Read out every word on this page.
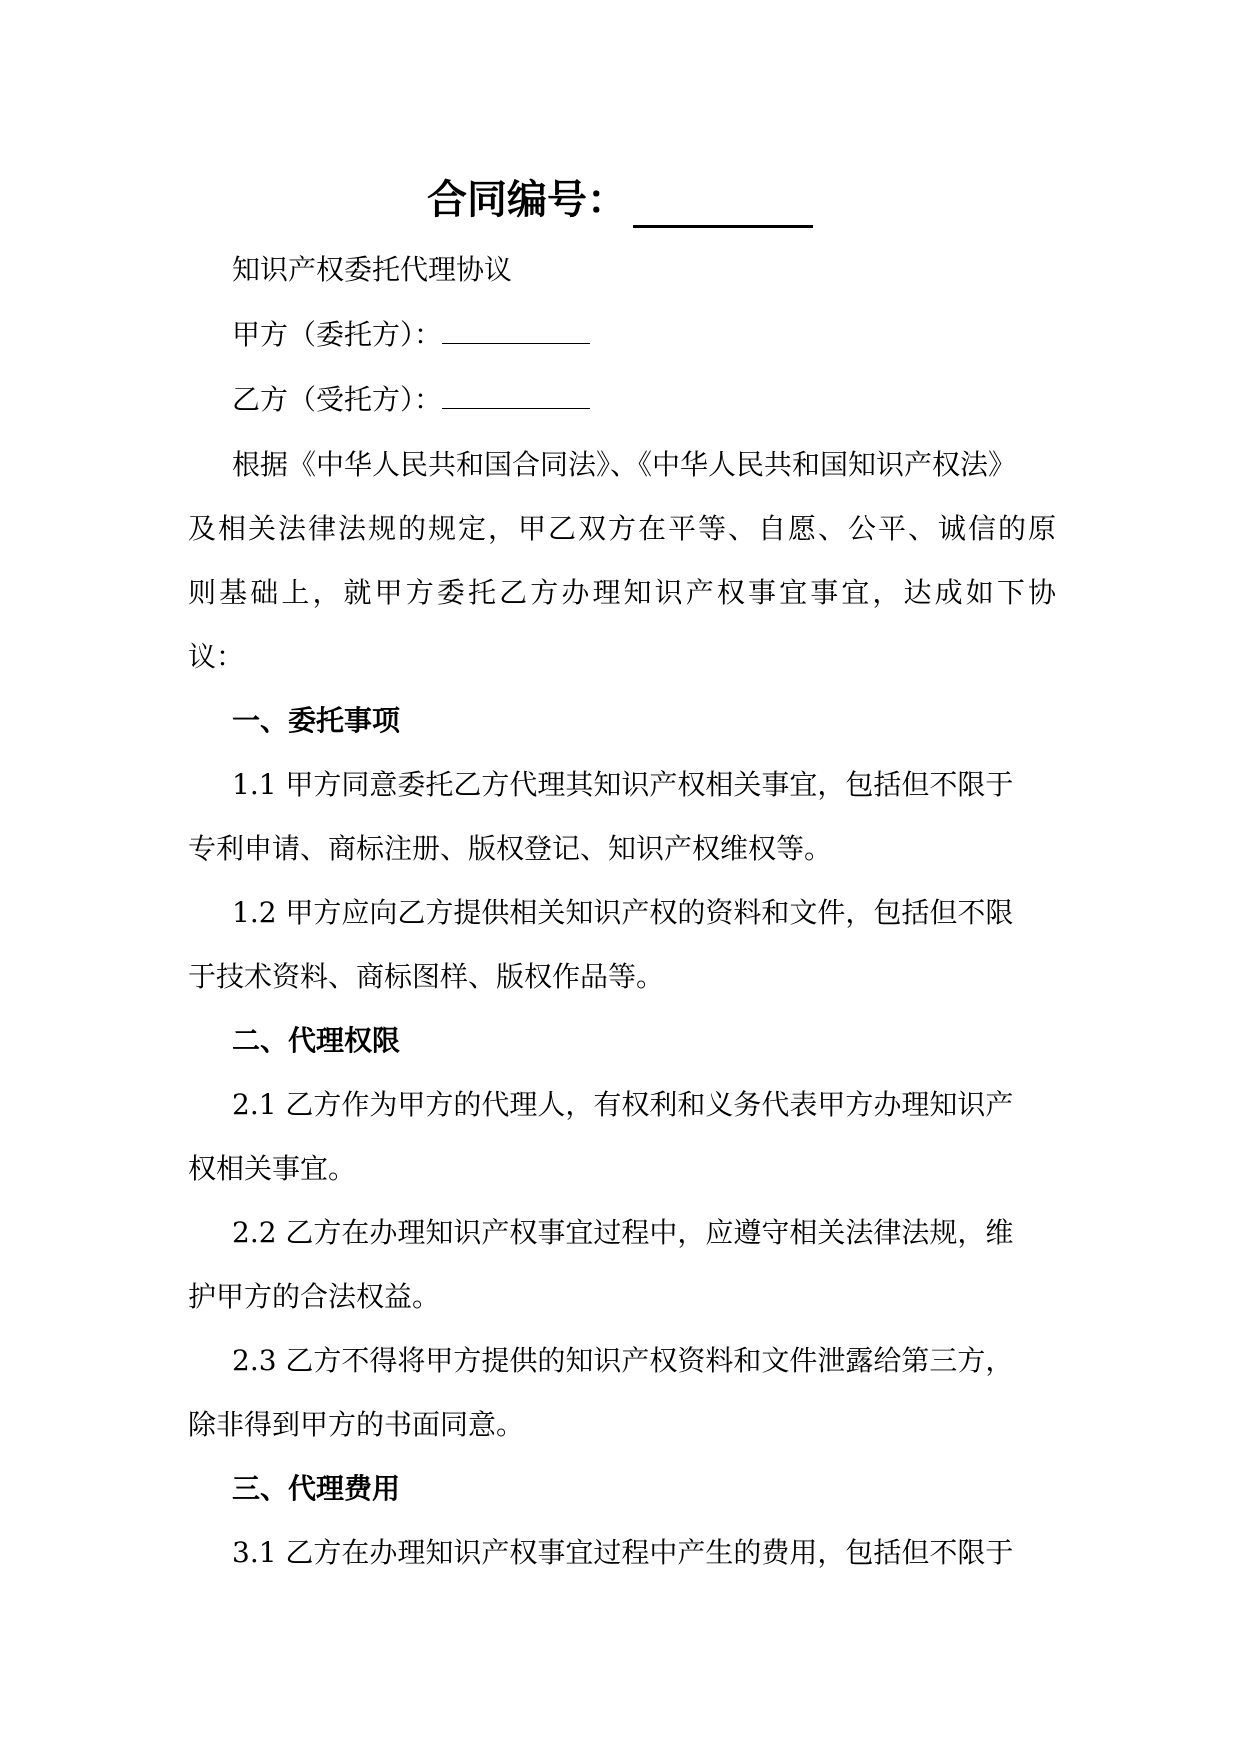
合同编号：
知识产权委托代理协议
甲方（委托方）：
乙方（受托方）：
根据《中华人民共和国合同法》、《中华人民共和国知识产权法》
及相关法律法规的规定，甲乙双方在平等、自愿、公平、诚信的原
则基础上，就甲方委托乙方办理知识产权事宜事宜，达成如下协
议：
一、委托事项
1.1 甲方同意委托乙方代理其知识产权相关事宜，包括但不限于
专利申请、商标注册、版权登记、知识产权维权等。
1.2 甲方应向乙方提供相关知识产权的资料和文件，包括但不限
于技术资料、商标图样、版权作品等。
二、代理权限
2.1 乙方作为甲方的代理人，有权利和义务代表甲方办理知识产
权相关事宜。
2.2 乙方在办理知识产权事宜过程中，应遵守相关法律法规，维
护甲方的合法权益。
2.3 乙方不得将甲方提供的知识产权资料和文件泄露给第三方，
除非得到甲方的书面同意。
三、代理费用
3.1 乙方在办理知识产权事宜过程中产生的费用，包括但不限于
